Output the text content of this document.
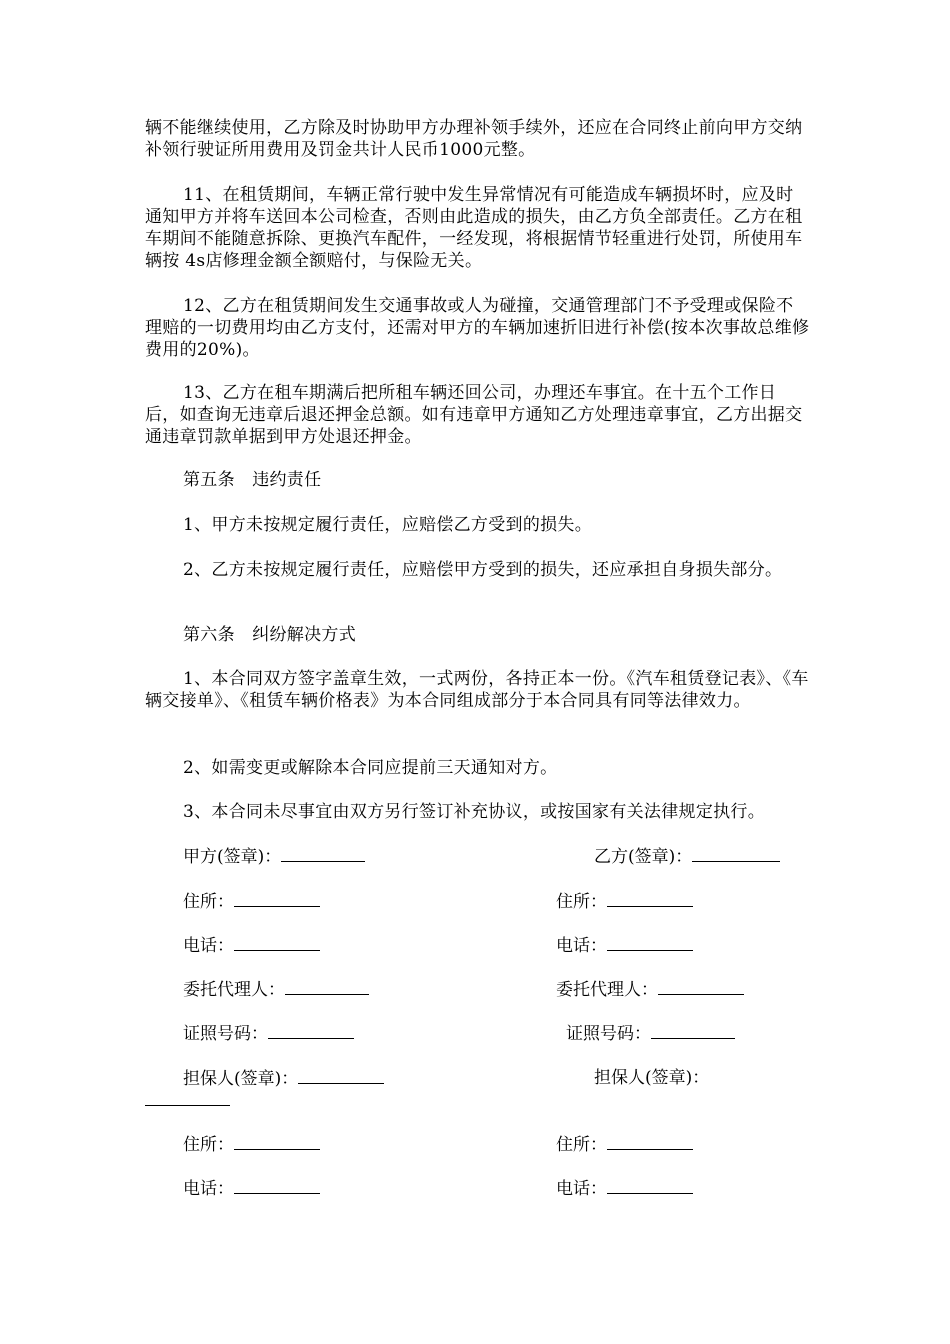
辆不能继续使用，乙方除及时协助甲方办理补领手续外，还应在合同终止前向甲方交纳补领行驶证所用费用及罚金共计人民币1000元整。

11、在租赁期间，车辆正常行驶中发生异常情况有可能造成车辆损坏时，应及时通知甲方并将车送回本公司检查，否则由此造成的损失，由乙方负全部责任。乙方在租车期间不能随意拆除、更换汽车配件，一经发现，将根据情节轻重进行处罚，所使用车辆按 4s店修理金额全额赔付，与保险无关。

12、乙方在租赁期间发生交通事故或人为碰撞，交通管理部门不予受理或保险不理赔的一切费用均由乙方支付，还需对甲方的车辆加速折旧进行补偿(按本次事故总维修费用的20%)。

13、乙方在租车期满后把所租车辆还回公司，办理还车事宜。在十五个工作日后，如查询无违章后退还押金总额。如有违章甲方通知乙方处理违章事宜，乙方出据交通违章罚款单据到甲方处退还押金。

第五条　违约责任

1、甲方未按规定履行责任，应赔偿乙方受到的损失。

2、乙方未按规定履行责任，应赔偿甲方受到的损失，还应承担自身损失部分。

第六条　纠纷解决方式

1、本合同双方签字盖章生效，一式两份，各持正本一份。《汽车租赁登记表》、《车辆交接单》、《租赁车辆价格表》为本合同组成部分于本合同具有同等法律效力。

2、如需变更或解除本合同应提前三天通知对方。

3、本合同未尽事宜由双方另行签订补充协议，或按国家有关法律规定执行。

甲方(签章)：	乙方(签章)：
住所：	住所：
电话：	电话：
委托代理人：	委托代理人：
证照号码：	证照号码：
担保人(签章)：	担保人(签章)：
住所：	住所：
电话：	电话：
